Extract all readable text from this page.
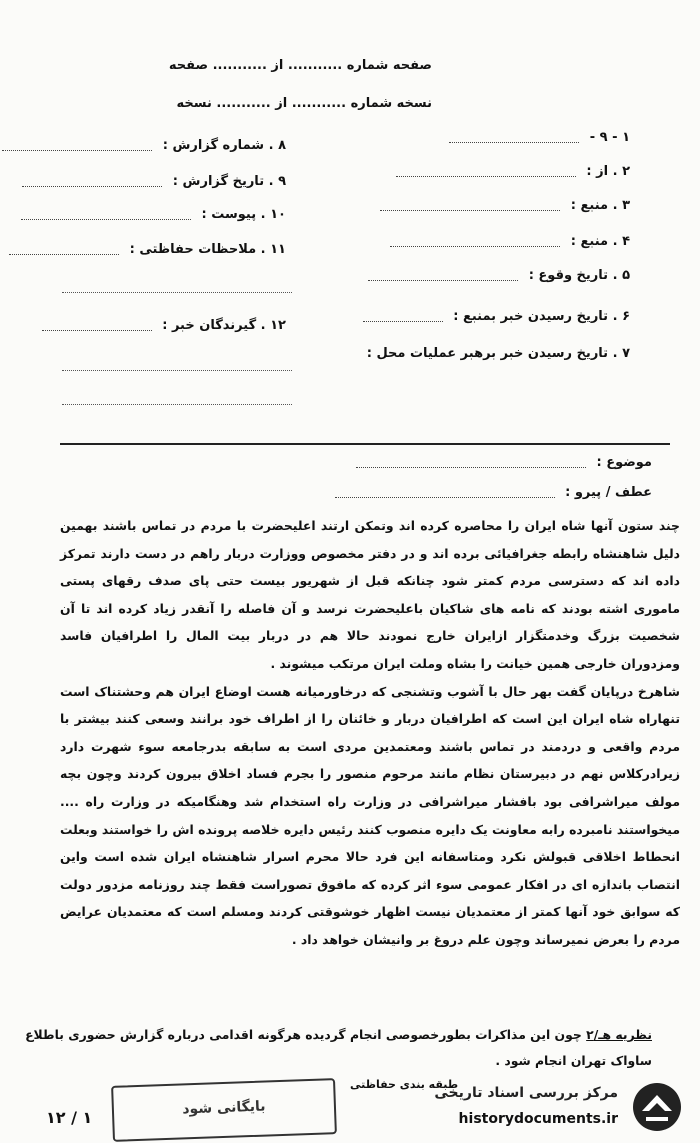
صفحه شماره ........... از ........... صفحه
نسخه شماره ........... از ........... نسخه
۱ - ۹ -
۲ . از :
۳ . منبع :
۴ . منبع :
۵ . تاریخ وقوع :
۶ . تاریخ رسیدن خبر بمنبع :
۷ . تاریخ رسیدن خبر برهبر عملیات محل :
۸ . شماره گزارش :
۹ . تاریخ گزارش :
۱۰ . پیوست :
۱۱ . ملاحظات حفاظتی :
۱۲ . گیرندگان خبر :
موضوع :
عطف / پیرو :

چند ستون آنها شاه ایران را محاصره کرده اند وتمکن ارتند اعلیحضرت با مردم در تماس باشند بهمین دلیل شاهنشاه رابطه جغرافیائی برده اند و در دفتر مخصوص ووزارت دربار راهم در دست دارند تمرکز داده اند که دسترسی مردم کمتر شود چنانکه قبل از شهریور بیست حتی پای صدف رقهای پستی ماموری اشته بودند که نامه های شاکیان باعلیحضرت نرسد و آن فاصله را آنقدر زیاد کرده اند تا آن شخصیت بزرگ وخدمتگزار ازایران خارج نمودند حالا هم در دربار بیت المال را اطرافیان فاسد ومزدوران خارجی همین خیانت را بشاه وملت ایران مرتکب میشوند .

شاهرخ درپایان گفت بهر حال با آشوب وتشنجی که درخاورمیانه هست اوضاع ایران هم وحشتناک است تنهاراه شاه ایران این است که اطرافیان دربار و خائنان را از اطراف خود برانند وسعی کنند بیشتر با مردم واقعی و دردمند در تماس باشند ومعتمدین مردی است به سابقه بدرجامعه سوء شهرت دارد زیرادرکلاس نهم در دبیرستان نظام مانند مرحوم منصور را بجرم فساد اخلاق بیرون کردند وچون بچه مولف میراشرافی بود بافشار میراشرافی در وزارت راه استخدام شد وهنگامیکه در وزارت راه .... میخواستند نامبرده رابه معاونت یک دایره منصوب کنند رئیس دایره خلاصه پرونده اش را خواستند وبعلت انحطاط اخلاقی قبولش نکرد ومتاسفانه این فرد حالا محرم اسرار شاهنشاه ایران شده است واین انتصاب باندازه ای در افکار عمومی سوء اثر کرده که مافوق تصوراست فقط چند روزنامه مزدور دولت که سوابق خود آنها کمتر از معتمدیان نیست اظهار خوشوقتی کردند ومسلم است که معتمدیان عرایض مردم را بعرض نمیرساند وچون علم دروغ بر وانیشان خواهد داد .

نظریه هـ/۲ چون این مذاکرات بطورخصوصی انجام گردیده هرگونه اقدامی درباره گزارش حضوری باطلاع ساواک تهران انجام شود .
طبقه بندی حفاظتی
بایگانی شود
۱۲ / ۱
مرکز بررسی اسناد تاریخی
historydocuments.ir
